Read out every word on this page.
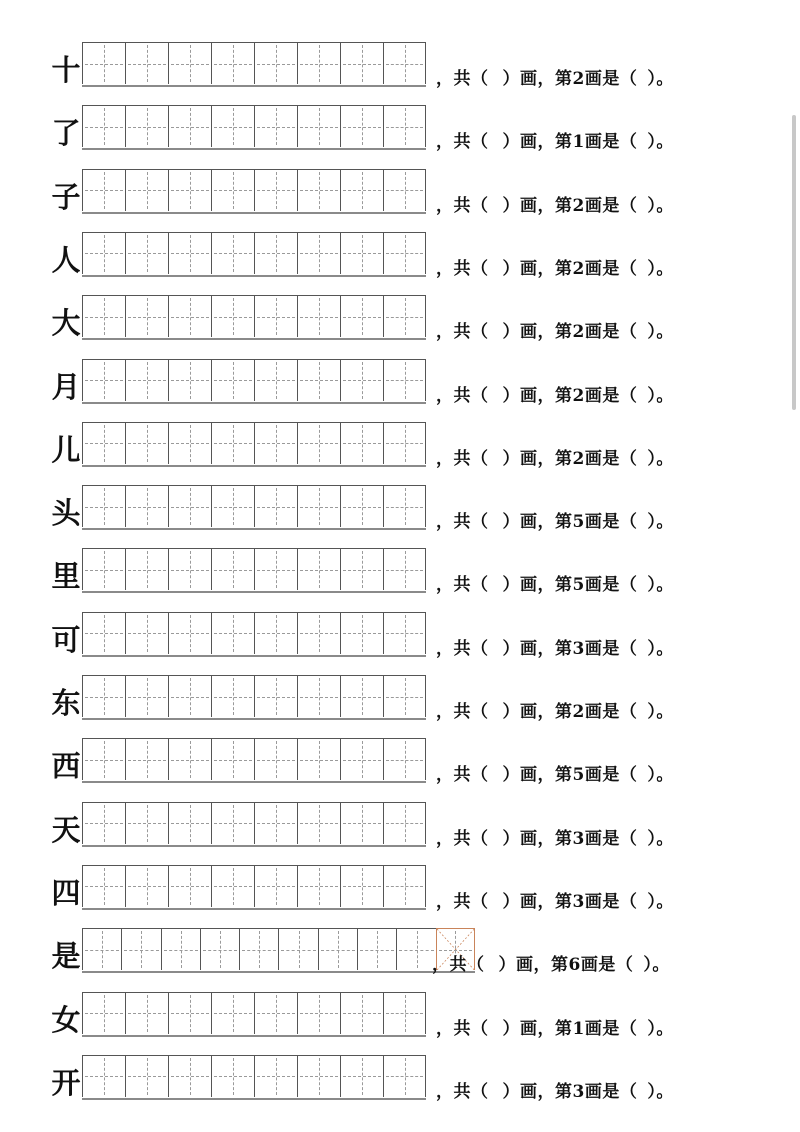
十	，共（ ）画，第2画是（ ）。
了	，共（ ）画，第1画是（ ）。
子	，共（ ）画，第2画是（ ）。
人	，共（ ）画，第2画是（ ）。
大	，共（ ）画，第2画是（ ）。
月	，共（ ）画，第2画是（ ）。
儿	，共（ ）画，第2画是（ ）。
头	，共（ ）画，第5画是（ ）。
里	，共（ ）画，第5画是（ ）。
可	，共（ ）画，第3画是（ ）。
东	，共（ ）画，第2画是（ ）。
西	，共（ ）画，第5画是（ ）。
天	，共（ ）画，第3画是（ ）。
四	，共（ ）画，第3画是（ ）。
是	，共（ ）画，第6画是（ ）。
女	，共（ ）画，第1画是（ ）。
开	，共（ ）画，第3画是（ ）。
